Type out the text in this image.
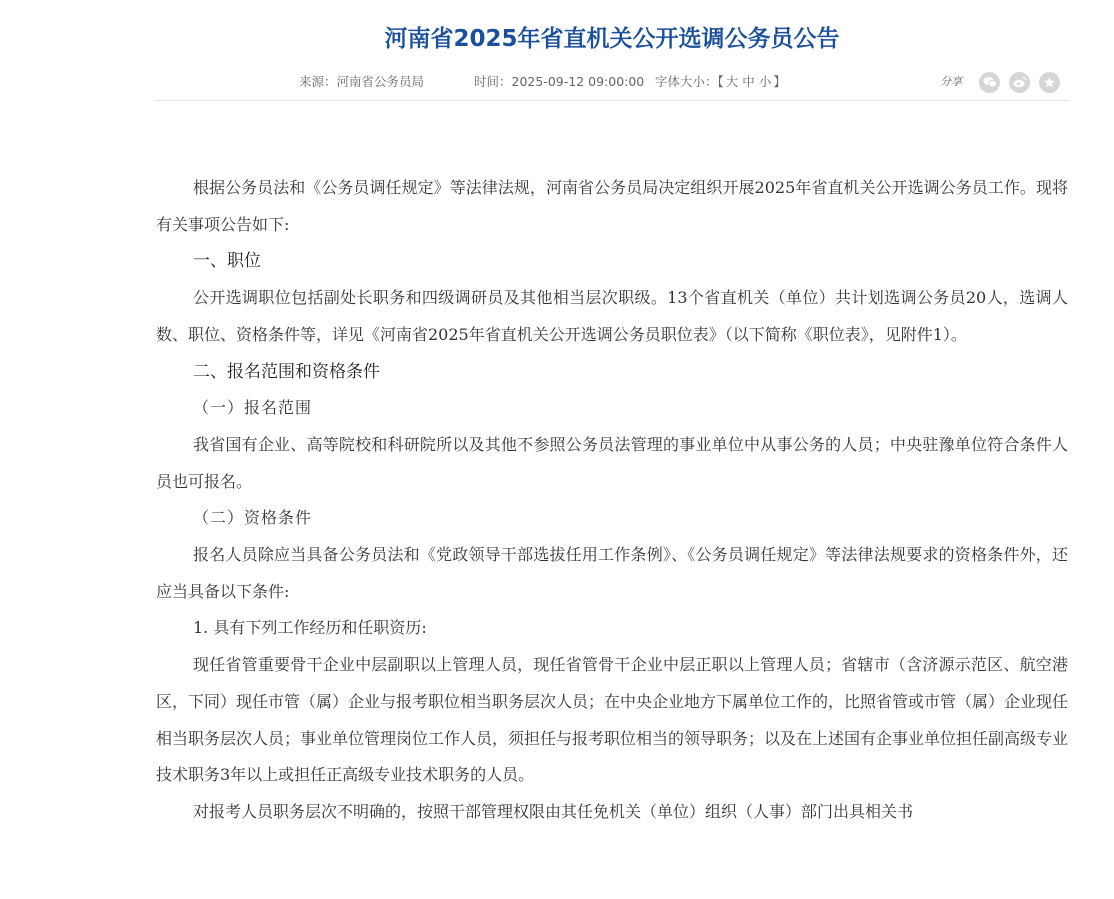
河南省2025年省直机关公开选调公务员公告
来源：河南省公务员局	时间：2025-09-12 09:00:00 字体大小：【 大 中 小 】	分享

根据公务员法和《公务员调任规定》等法律法规，河南省公务员局决定组织开展2025年省直机关公开选调公务员工作。现将有关事项公告如下:

一、职位

公开选调职位包括副处长职务和四级调研员及其他相当层次职级。13个省直机关（单位）共计划选调公务员20人，选调人数、职位、资格条件等，详见《河南省2025年省直机关公开选调公务员职位表》（以下简称《职位表》，见附件1）。

二、报名范围和资格条件

（一）报名范围

我省国有企业、高等院校和科研院所以及其他不参照公务员法管理的事业单位中从事公务的人员；中央驻豫单位符合条件人员也可报名。

（二）资格条件

报名人员除应当具备公务员法和《党政领导干部选拔任用工作条例》、《公务员调任规定》等法律法规要求的资格条件外，还应当具备以下条件:

1. 具有下列工作经历和任职资历:

现任省管重要骨干企业中层副职以上管理人员，现任省管骨干企业中层正职以上管理人员；省辖市（含济源示范区、航空港区，下同）现任市管（属）企业与报考职位相当职务层次人员；在中央企业地方下属单位工作的，比照省管或市管（属）企业现任相当职务层次人员；事业单位管理岗位工作人员，须担任与报考职位相当的领导职务；以及在上述国有企事业单位担任副高级专业技术职务3年以上或担任正高级专业技术职务的人员。

对报考人员职务层次不明确的，按照干部管理权限由其任免机关（单位）组织（人事）部门出具相关书
